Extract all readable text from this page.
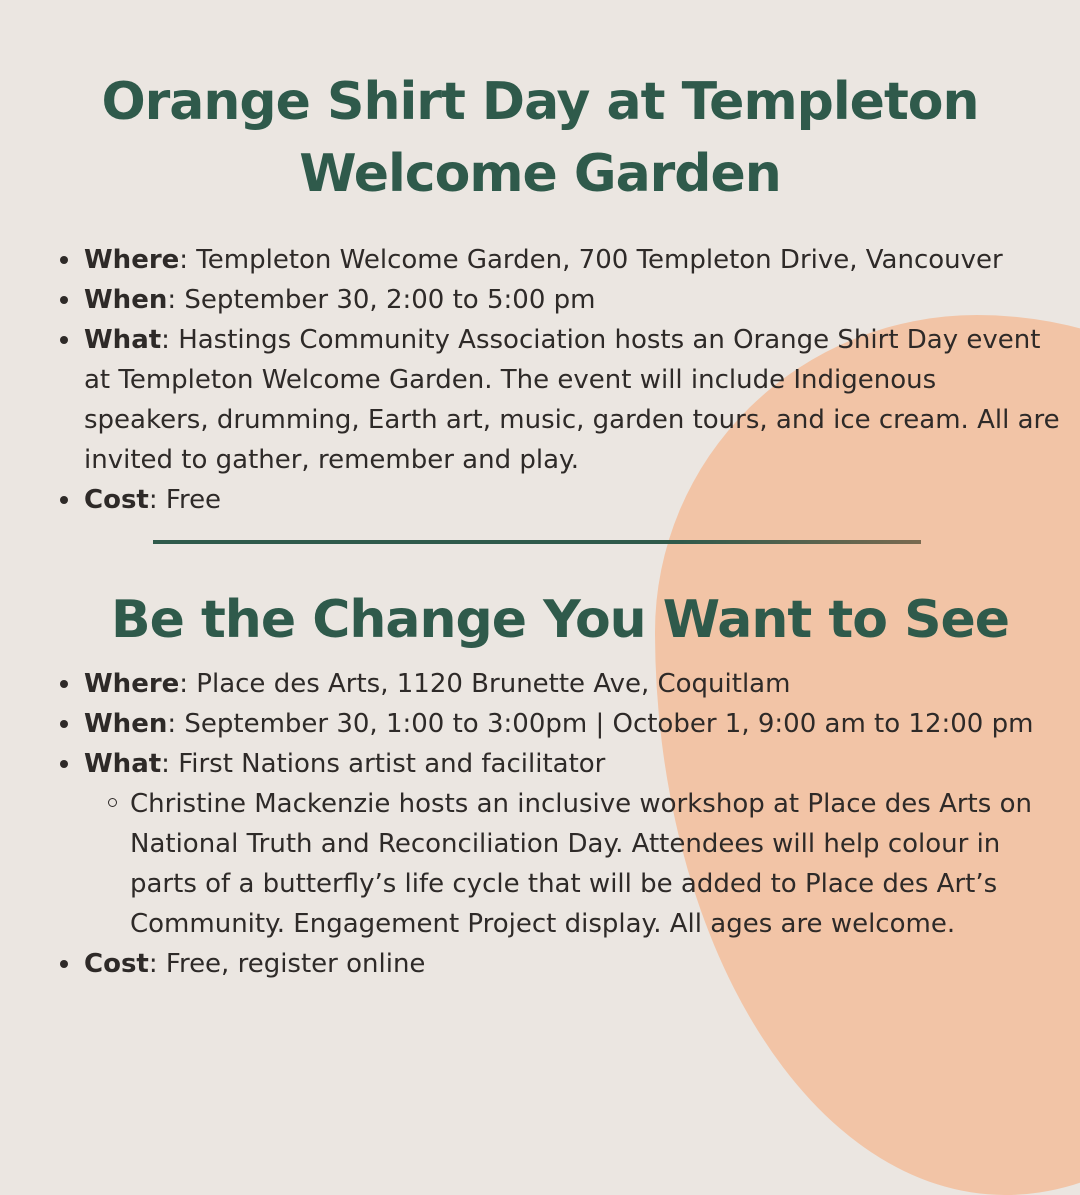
Orange Shirt Day at Templeton Welcome Garden
Where: Templeton Welcome Garden, 700 Templeton Drive, Vancouver
When: September 30, 2:00 to 5:00 pm
What: Hastings Community Association hosts an Orange Shirt Day event at Templeton Welcome Garden. The event will include Indigenous speakers, drumming, Earth art, music, garden tours, and ice cream. All are invited to gather, remember and play.
Cost: Free
Be the Change You Want to See
Where: Place des Arts, 1120 Brunette Ave, Coquitlam
When: September 30, 1:00 to 3:00pm | October 1, 9:00 am to 12:00 pm
What: First Nations artist and facilitator
Christine Mackenzie hosts an inclusive workshop at Place des Arts on National Truth and Reconciliation Day. Attendees will help colour in parts of a butterfly’s life cycle that will be added to Place des Art’s Community. Engagement Project display. All ages are welcome.
Cost: Free, register online
